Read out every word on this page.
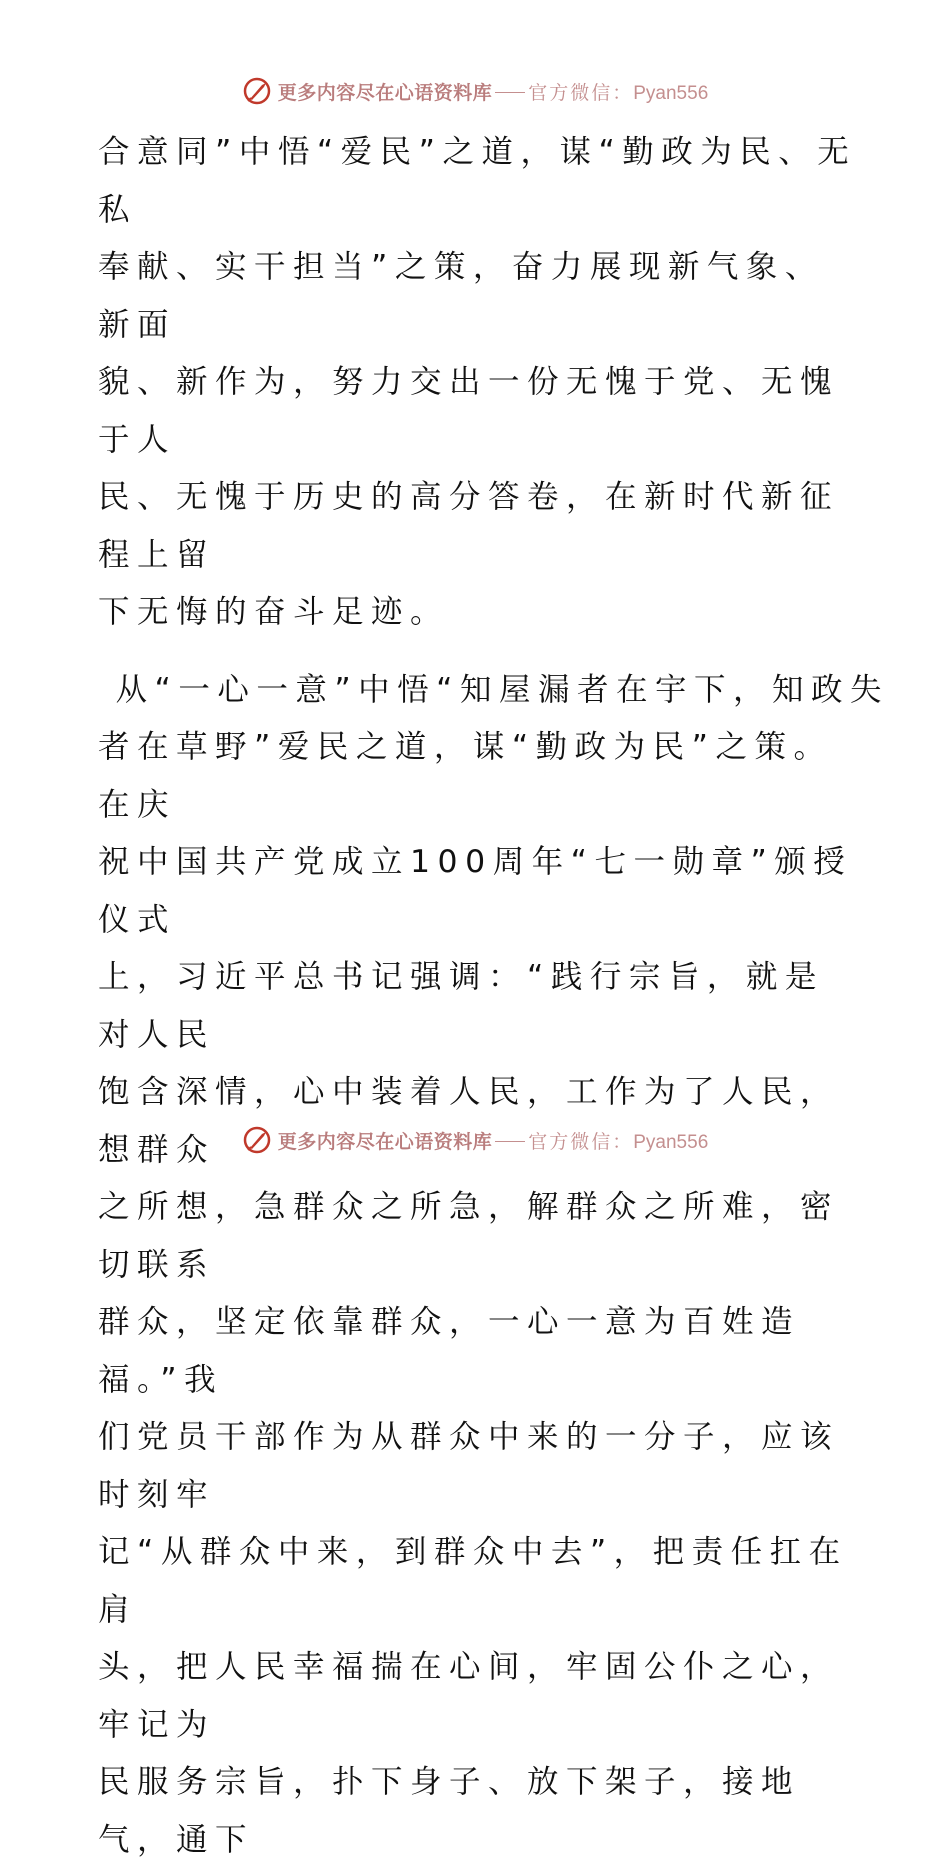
更多内容尽在心语资料库 官方微信： Pyan556

合意同”中悟“爱民”之道，谋“勤政为民、无私

奉献、实干担当”之策，奋力展现新气象、新面

貌、新作为，努力交出一份无愧于党、无愧于人

民、无愧于历史的高分答卷，在新时代新征程上留

下无悔的奋斗足迹。

从“一心一意”中悟“知屋漏者在宇下，知政失

者在草野”爱民之道，谋“勤政为民”之策。在庆

祝中国共产党成立100周年“七一勋章”颁授仪式

上，习近平总书记强调：“践行宗旨，就是对人民

饱含深情，心中装着人民，工作为了人民，想群众

之所想，急群众之所急，解群众之所难，密切联系

群众，坚定依靠群众，一心一意为百姓造福。”我

们党员干部作为从群众中来的一分子，应该时刻牢

记“从群众中来，到群众中去”，把责任扛在肩

头，把人民幸福揣在心间，牢固公仆之心，牢记为

民服务宗旨，扑下身子、放下架子，接地气，通下

更多内容尽在心语资料库 官方微信： Pyan556
